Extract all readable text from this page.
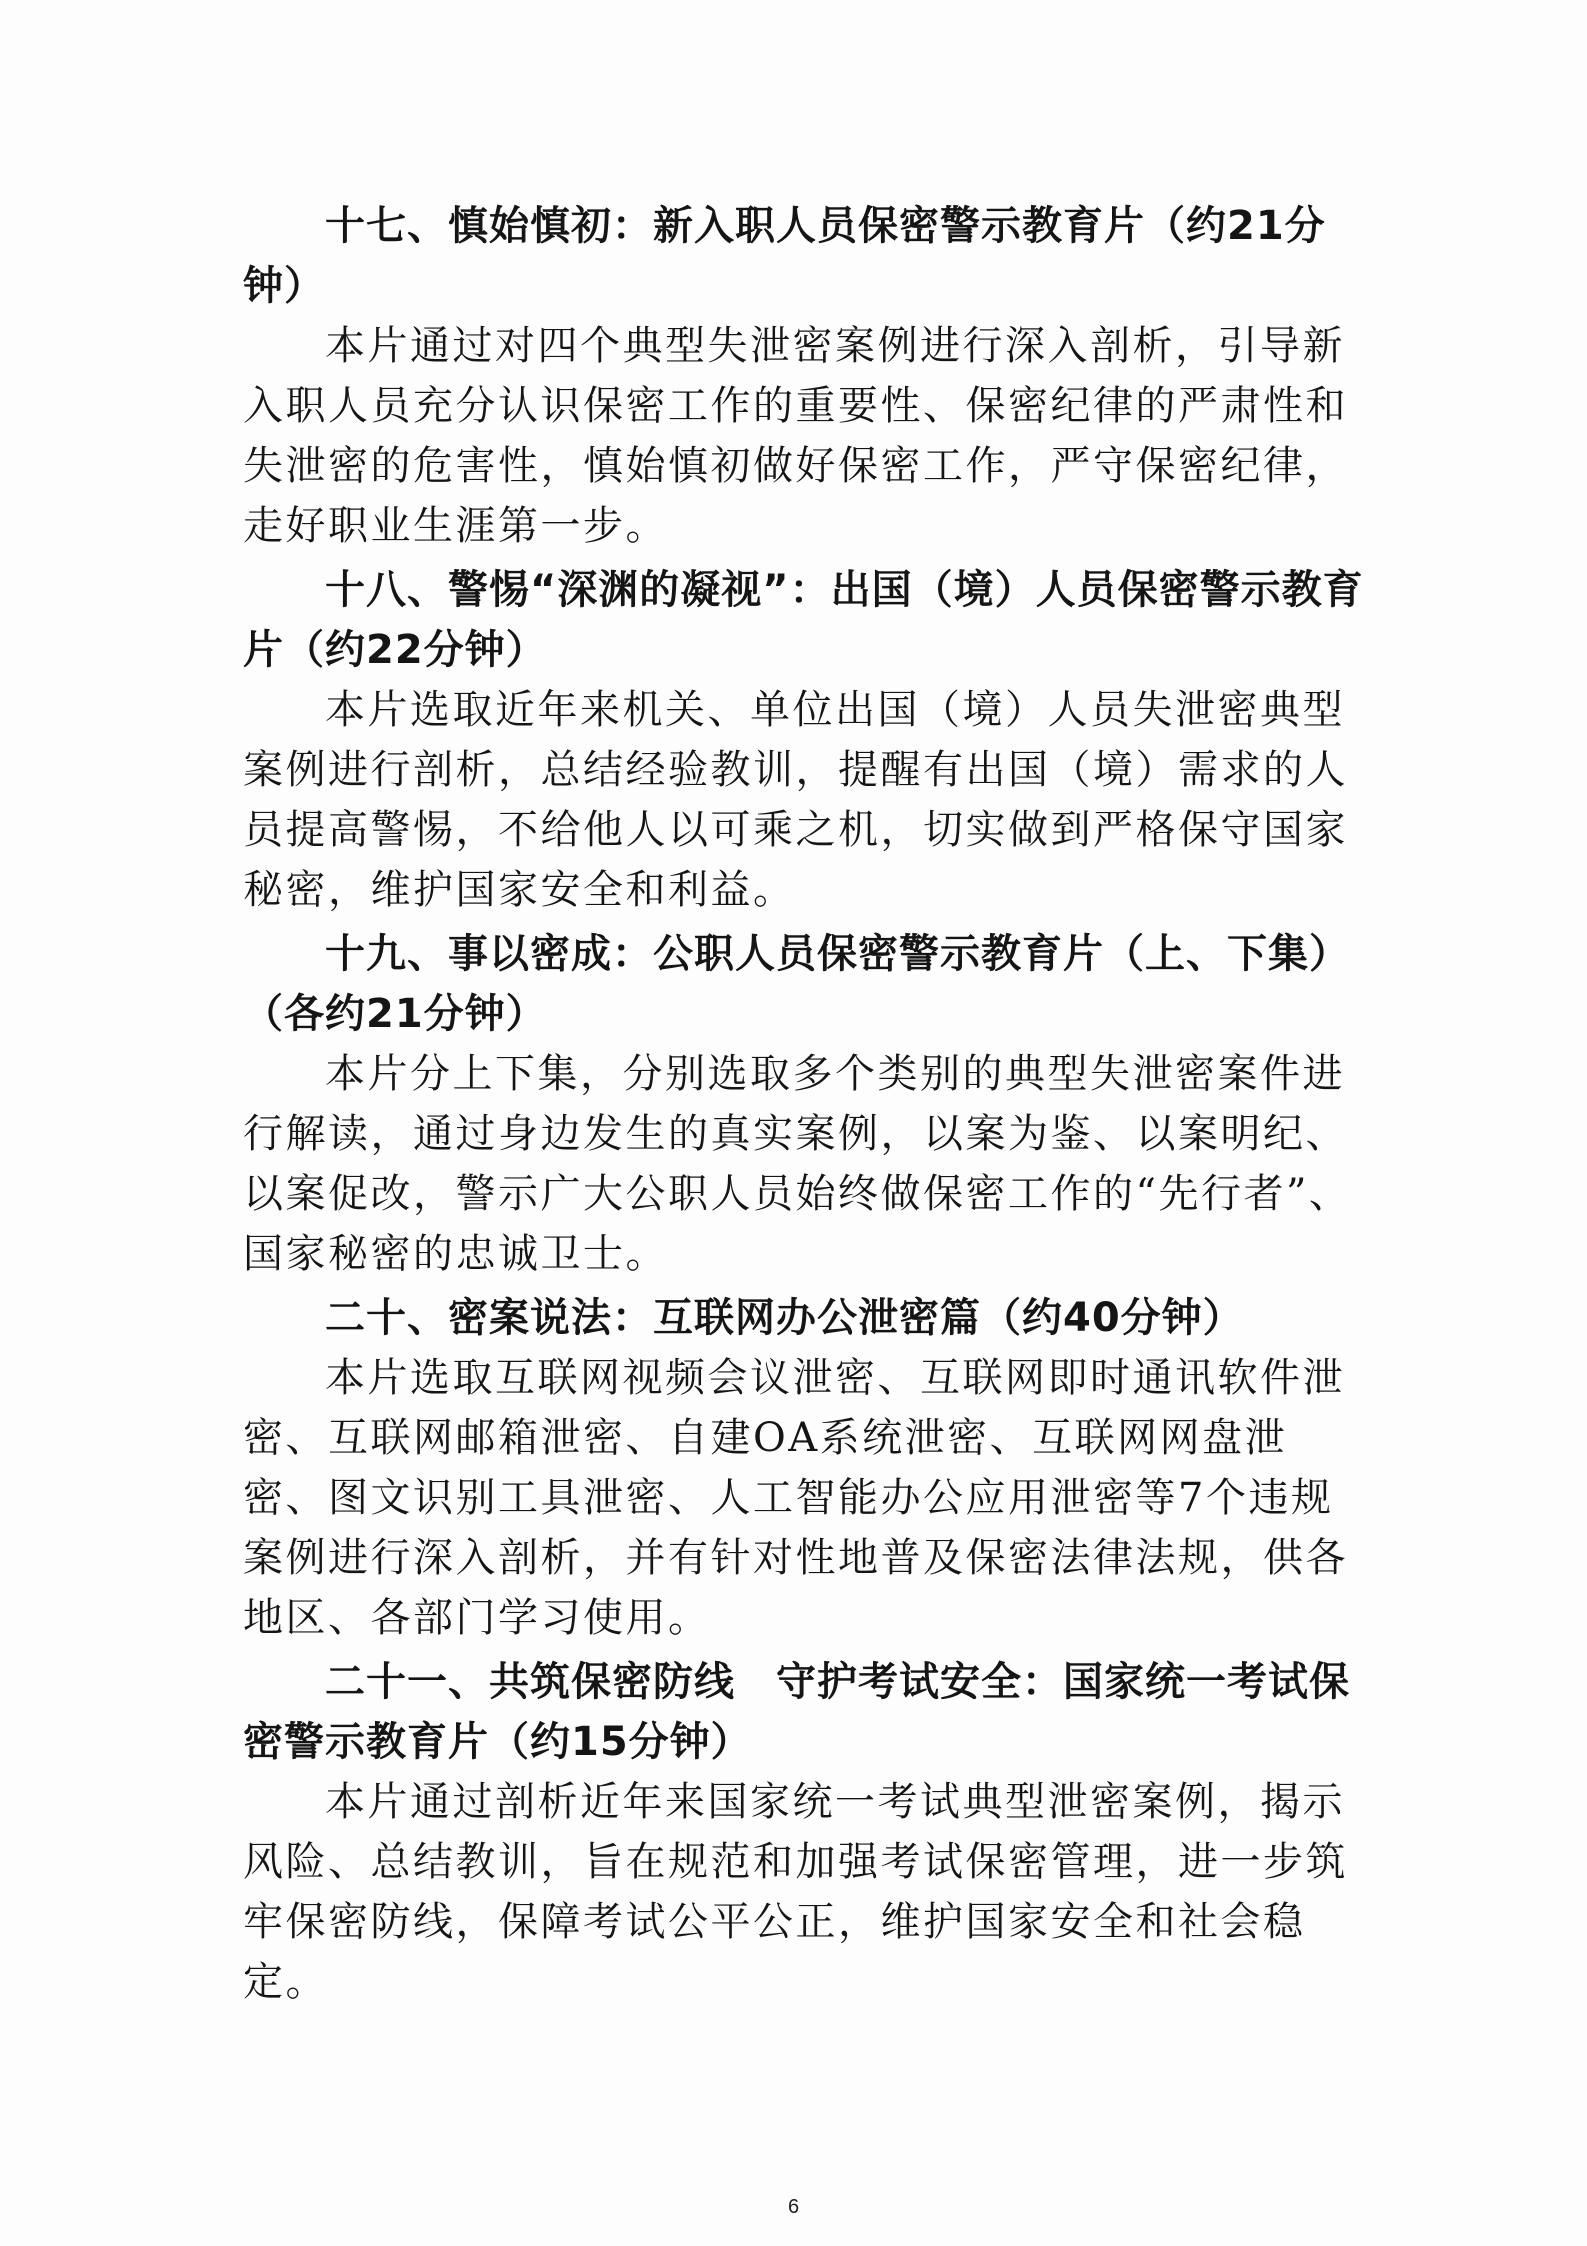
十七、慎始慎初：新入职人员保密警示教育片（约21分钟）

本片通过对四个典型失泄密案例进行深入剖析，引导新入职人员充分认识保密工作的重要性、保密纪律的严肃性和失泄密的危害性，慎始慎初做好保密工作，严守保密纪律，走好职业生涯第一步。

十八、警惕“深渊的凝视”：出国（境）人员保密警示教育片（约22分钟）

本片选取近年来机关、单位出国（境）人员失泄密典型案例进行剖析，总结经验教训，提醒有出国（境）需求的人员提高警惕，不给他人以可乘之机，切实做到严格保守国家秘密，维护国家安全和利益。

十九、事以密成：公职人员保密警示教育片（上、下集）（各约21分钟）

本片分上下集，分别选取多个类别的典型失泄密案件进行解读，通过身边发生的真实案例，以案为鉴、以案明纪、以案促改，警示广大公职人员始终做保密工作的“先行者”、国家秘密的忠诚卫士。

二十、密案说法：互联网办公泄密篇（约40分钟）

本片选取互联网视频会议泄密、互联网即时通讯软件泄密、互联网邮箱泄密、自建OA系统泄密、互联网网盘泄密、图文识别工具泄密、人工智能办公应用泄密等7个违规案例进行深入剖析，并有针对性地普及保密法律法规，供各地区、各部门学习使用。

二十一、共筑保密防线　守护考试安全：国家统一考试保密警示教育片（约15分钟）

本片通过剖析近年来国家统一考试典型泄密案例，揭示风险、总结教训，旨在规范和加强考试保密管理，进一步筑牢保密防线，保障考试公平公正，维护国家安全和社会稳定。

6
